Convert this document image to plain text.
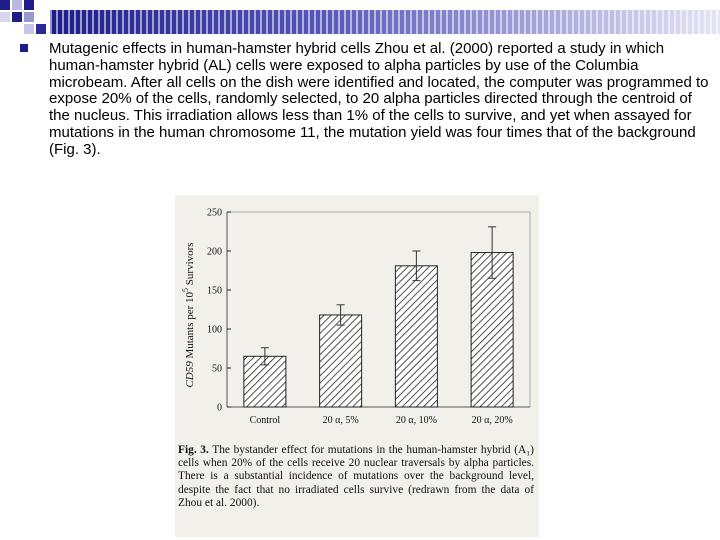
Mutagenic effects in human-hamster hybrid cells Zhou et al. (2000) reported a study in which human-hamster hybrid (AL) cells were exposed to alpha particles by use of the Columbia microbeam. After all cells on the dish were identified and located, the computer was programmed to expose 20% of the cells, randomly selected, to 20 alpha particles directed through the centroid of the nucleus. This irradiation allows less than 1% of the cells to survive, and yet when assayed for mutations in the human chromosome 11, the mutation yield was four times that of the background (Fig. 3).
0
50
100
150
200
250
Control	20 α, 5%	20 α, 10%	20 α, 20%
CD59 Mutants per $10^5$ Survivors
Fig. 3. The bystander effect for mutations in the human-hamster hybrid (A₁) cells when 20% of the cells receive 20 nuclear traversals by alpha particles. There is a substantial incidence of mutations over the background level, despite the fact that no irradiated cells survive (redrawn from the data of Zhou et al. 2000).
